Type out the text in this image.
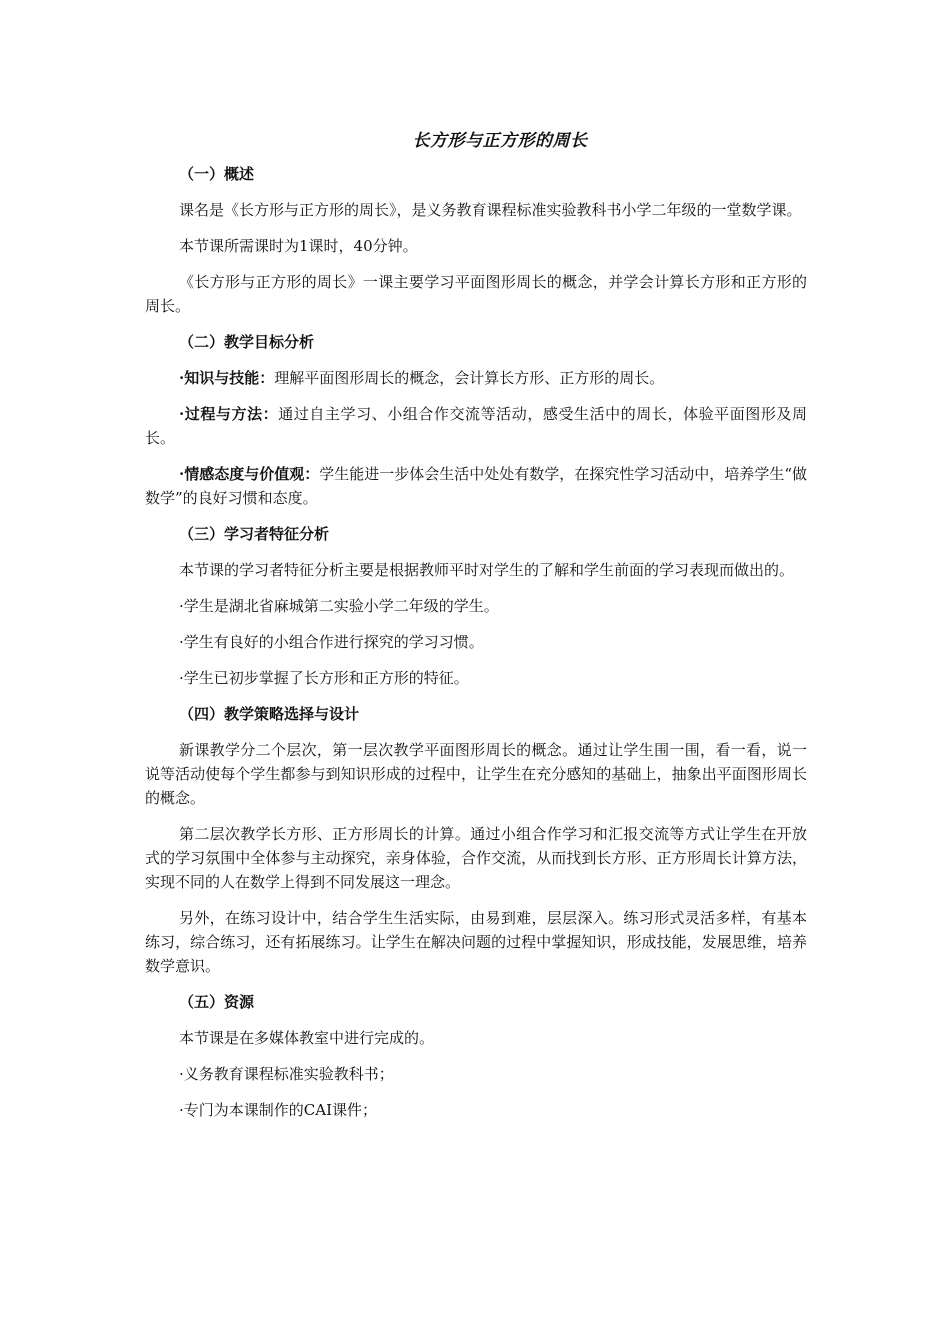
长方形与正方形的周长
（一）概述

课名是《长方形与正方形的周长》，是义务教育课程标准实验教科书小学二年级的一堂数学课。

本节课所需课时为1课时，40分钟。

《长方形与正方形的周长》一课主要学习平面图形周长的概念，并学会计算长方形和正方形的周长。

（二）教学目标分析

·知识与技能：理解平面图形周长的概念，会计算长方形、正方形的周长。

·过程与方法：通过自主学习、小组合作交流等活动，感受生活中的周长，体验平面图形及周长。

·情感态度与价值观：学生能进一步体会生活中处处有数学，在探究性学习活动中，培养学生“做数学”的良好习惯和态度。

（三）学习者特征分析

本节课的学习者特征分析主要是根据教师平时对学生的了解和学生前面的学习表现而做出的。

·学生是湖北省麻城第二实验小学二年级的学生。

·学生有良好的小组合作进行探究的学习习惯。

·学生已初步掌握了长方形和正方形的特征。

（四）教学策略选择与设计

新课教学分二个层次，第一层次教学平面图形周长的概念。通过让学生围一围，看一看，说一说等活动使每个学生都参与到知识形成的过程中，让学生在充分感知的基础上，抽象出平面图形周长的概念。

第二层次教学长方形、正方形周长的计算。通过小组合作学习和汇报交流等方式让学生在开放式的学习氛围中全体参与主动探究，亲身体验，合作交流，从而找到长方形、正方形周长计算方法，实现不同的人在数学上得到不同发展这一理念。

另外，在练习设计中，结合学生生活实际，由易到难，层层深入。练习形式灵活多样，有基本练习，综合练习，还有拓展练习。让学生在解决问题的过程中掌握知识，形成技能，发展思维，培养数学意识。

（五）资源

本节课是在多媒体教室中进行完成的。

·义务教育课程标准实验教科书；

·专门为本课制作的CAI课件；
